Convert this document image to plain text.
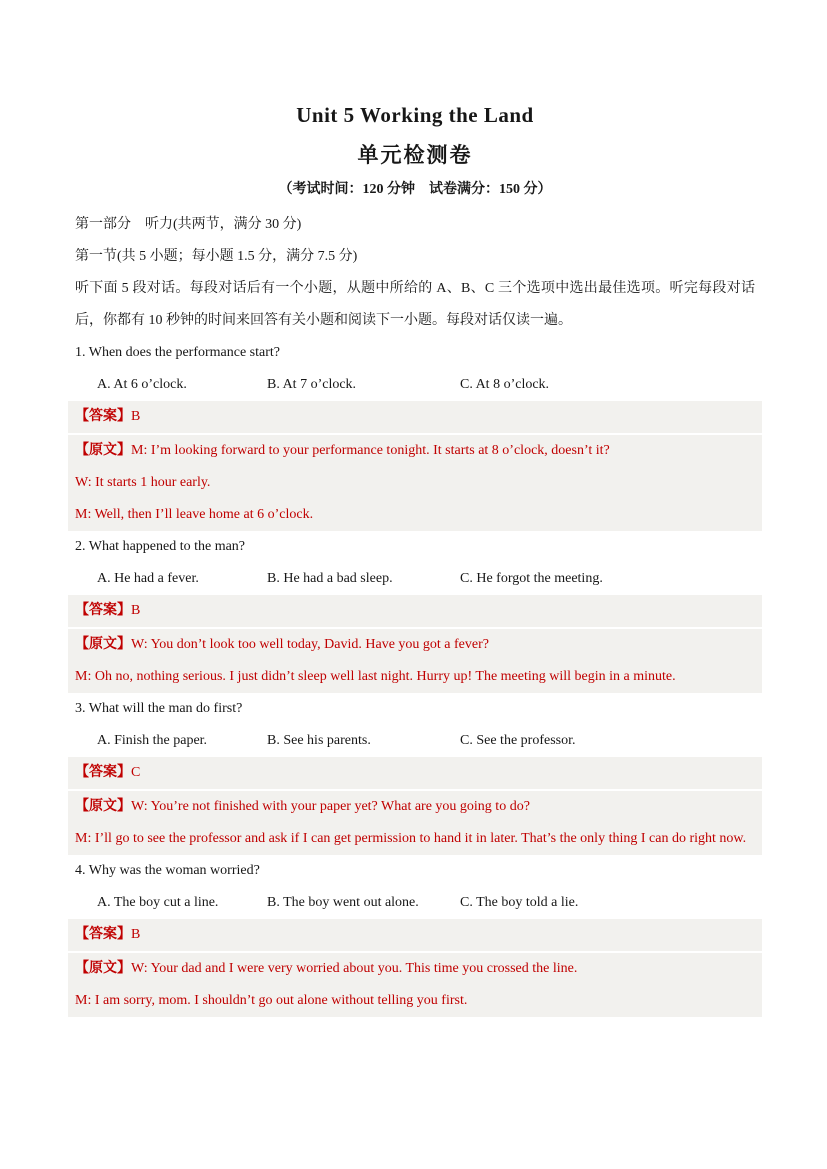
Unit 5 Working the Land
单元检测卷

（考试时间：120 分钟　试卷满分：150 分）

第一部分　听力(共两节，满分 30 分)

第一节(共 5 小题；每小题 1.5 分，满分 7.5 分)

听下面 5 段对话。每段对话后有一个小题，从题中所给的 A、B、C 三个选项中选出最佳选项。听完每段对话后，你都有 10 秒钟的时间来回答有关小题和阅读下一小题。每段对话仅读一遍。

1. When does the performance start?

A. At 6 o’clock.	B. At 7 o’clock.	C. At 8 o’clock.

【答案】B

【原文】M: I’m looking forward to your performance tonight. It starts at 8 o’clock, doesn’t it?

W: It starts 1 hour early.

M: Well, then I’ll leave home at 6 o’clock.

2. What happened to the man?

A. He had a fever.	B. He had a bad sleep.	C. He forgot the meeting.

【答案】B

【原文】W: You don’t look too well today, David. Have you got a fever?

M: Oh no, nothing serious. I just didn’t sleep well last night. Hurry up! The meeting will begin in a minute.

3. What will the man do first?

A. Finish the paper.	B. See his parents.	C. See the professor.

【答案】C

【原文】W: You’re not finished with your paper yet? What are you going to do?

M: I’ll go to see the professor and ask if I can get permission to hand it in later. That’s the only thing I can do right now.

4. Why was the woman worried?

A. The boy cut a line.	B. The boy went out alone.	C. The boy told a lie.

【答案】B

【原文】W: Your dad and I were very worried about you. This time you crossed the line.

M: I am sorry, mom. I shouldn’t go out alone without telling you first.
